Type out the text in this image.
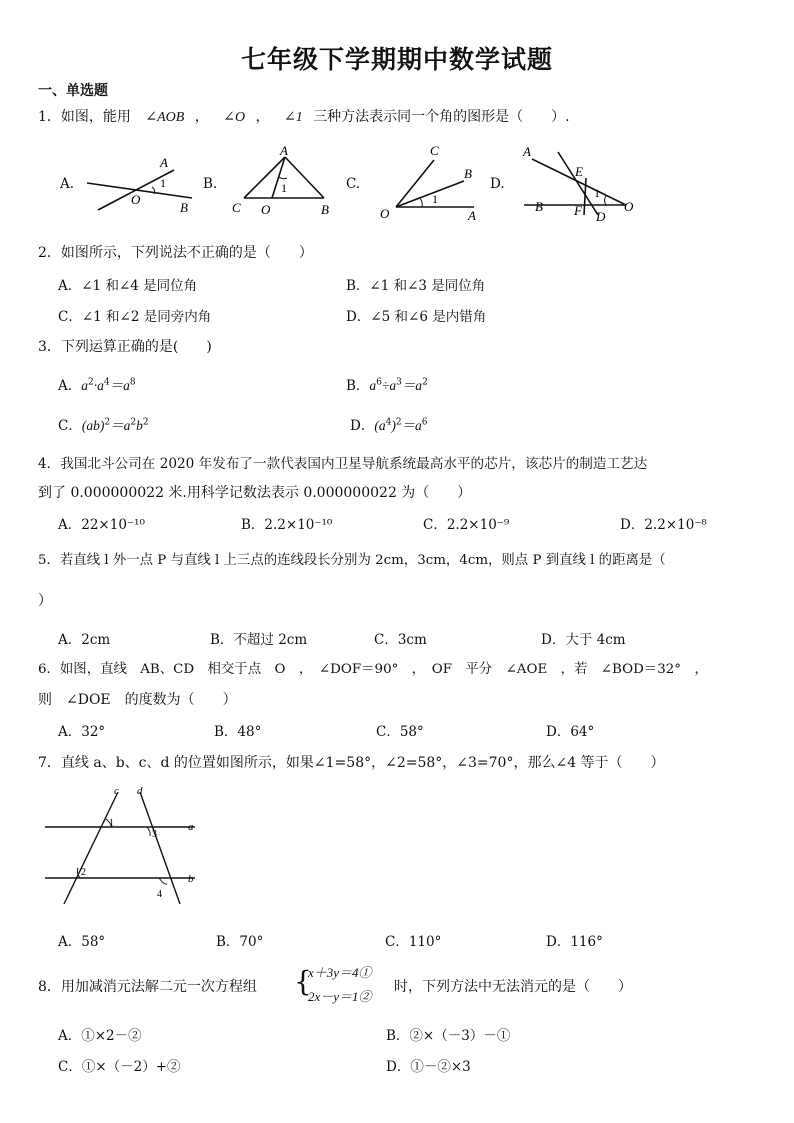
七年级下学期期中数学试题
一、单选题
1．如图，能用 ∠AOB ， ∠O ， ∠1 三种方法表示同一个角的图形是（　　）.
A.	B.	C.	D.
A
O
B
1
A
1
C O	B
C
B
1
O	A
A
E
1
B F D
O
2．如图所示，下列说法不正确的是（　　）
A．∠1 和∠4 是同位角	B．∠1 和∠3 是同位角
C．∠1 和∠2 是同旁内角	D．∠5 和∠6 是内错角
3．下列运算正确的是(　　)
A．$a^2\cdot a^4=a^8$	B．$a^6\div a^3=a^2$
C．$(ab)^2=a^2b^2$	D．$(a^4)^2=a^6$
4．我国北斗公司在 2020 年发布了一款代表国内卫星导航系统最高水平的芯片，该芯片的制造工艺达
到了 0.000000022 米.用科学记数法表示 0.000000022 为（　　）
A．22×10⁻¹⁰	B．2.2×10⁻¹⁰	C．2.2×10⁻⁹	D．2.2×10⁻⁸
5．若直线 l 外一点 P 与直线 l 上三点的连线段长分别为 2cm，3cm，4cm，则点 P 到直线 l 的距离是（
）
A．2cm	B．不超过 2cm	C．3cm	D．大于 4cm
6．如图，直线　AB、CD　相交于点　O　，　∠DOF＝90°　，　OF　平分　∠AOE　，若　∠BOD＝32°　，
则　∠DOE　的度数为（　　）
A．32°	B．48°	C．58°	D．64°
7．直线 a、b、c、d 的位置如图所示，如果∠1=58°，∠2=58°，∠3=70°，那么∠4 等于（　　）
c d
1
3
a
2
b
4
A．58°	B．70°	C．110°	D．116°
8．用加减消元法解二元一次方程组 {
x＋3y＝4①
2x－y＝1②
时，下列方法中无法消元的是（　　）
A．①×2－②	B．②×（－3）－①
C．①×（－2）+②	D．①－②×3
